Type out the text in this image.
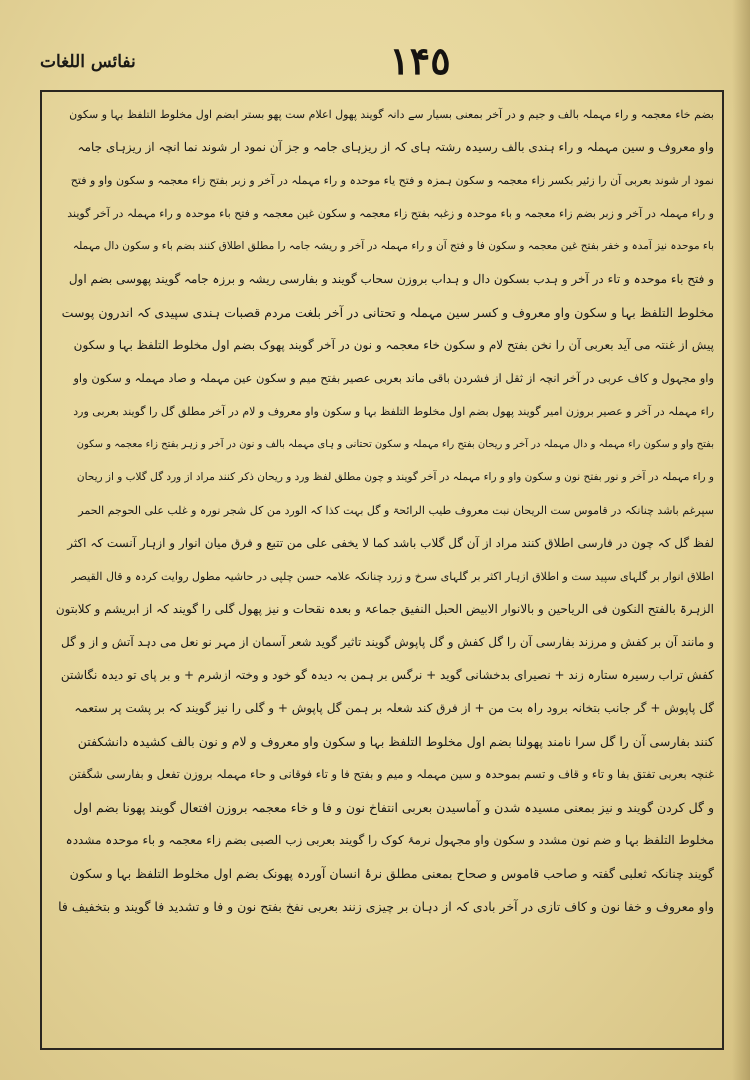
نفائس اللغات	١۴٥
بضم خاء معجمہ و راء مہملہ بالف و جیم و در آخر بمعنی بسیار سے دانہ گویند پھول اعلام ست پھو بستر ابضم اول مخلوط التلفظ بہا و سکون
واو معروف و سین مہملہ و راء ہندی بالف رسیدہ رشتہ ہای کہ از ریزہای جامہ و جز آن نمود ار شوند نما انچہ از ریزہای جامہ
نمود ار شوند بعربی آن را زئیر بکسر زاء معجمہ و سکون ہمزہ و فتح یاء موحدہ و راء مہملہ در آخر و زبر بفتح زاء معجمہ و سکون واو و فتح
و راء مہملہ در آخر و زبر بضم زاء معجمہ و باء موحدہ و زغبہ بفتح زاء معجمہ و سکون غین معجمہ و فتح باء موحدہ و راء مہملہ در آخر گویند
باء موحدہ نیز آمدہ و خفر بفتح غین معجمہ و سکون فا و فتح آن و راء مہملہ در آخر و ریشہ جامہ را مطلق اطلاق کنند بضم باء و سکون دال مہملہ
و فتح باء موحدہ و تاء در آخر و ہدب بسکون دال و ہداب بروزن سحاب گویند و بفارسی ریشہ و برزہ جامہ گویند پھوسی بضم اول
مخلوط التلفظ بہا و سکون واو معروف و کسر سین مہملہ و تحتانی در آخر بلغت مردم قصبات ہندی سپیدی کہ اندرون پوست
پیش از غنتہ می آید بعربی آن را نخن بفتح لام و سکون خاء معجمہ و نون در آخر گویند پھوک بضم اول مخلوط التلفظ بہا و سکون
واو مجہول و کاف عربی در آخر انچہ از ثقل از فشردن باقی ماند بعربی عصیر بفتح میم و سکون عین مہملہ و صاد مہملہ و سکون واو
راء مہملہ در آخر و عصیر بروزن امیر گویند پھول بضم اول مخلوط التلفظ بہا و سکون واو معروف و لام در آخر مطلق گل را گویند بعربی ورد
بفتح واو و سکون راء مہملہ و دال مہملہ در آخر و ریحان بفتح راء مہملہ و سکون تحتانی و ہای مہملہ بالف و نون در آخر و زہر بفتح زاء معجمہ و سکون
و راء مہملہ در آخر و نور بفتح نون و سکون واو و راء مہملہ در آخر گویند و چون مطلق لفظ ورد و ریحان ذکر کنند مراد از ورد گل گلاب و از ریحان
سپرغم باشد چنانکہ در قاموس ست الریحان نبت معروف طیب الرائحۃ و گل بہت کذا کہ الورد من کل شجر نورہ و غلب علی الحوجم الحمر
لفظ گل کہ چون در فارسی اطلاق کنند مراد از آن گل گلاب باشد کما لا یخفی علی من تتبع و فرق میان انوار و ازہار آنست کہ اکثر
اطلاق انوار بر گلہای سپید ست و اطلاق ازہار اکثر بر گلہای سرخ و زرد چنانکہ علامہ حسن چلپی در حاشیہ مطول روایت کردہ و قال القیصر
الزہرۃ بالفتح النکون فی الریاحین و بالانوار الابیض الحبل النفیق جماعۃ و بعدہ نقحات و نیز پھول گلی را گویند کہ از ابریشم و کلابتون
و مانند آن بر کفش و مرزند بفارسی آن را گل کفش و گل پاپوش گویند تاثیر گوید شعر آسمان از مہر نو نعل می دہد آتش و از و گل
کفش تراب رسیرہ ستارہ زند + نصیرای بدخشانی گوید + نرگس بر ہمن بہ دیدہ گو خود و وختہ ازشرم + و بر پای تو دیدہ نگاشتن
گل پاپوش + گر جانب بتخانہ برود راہ بت من + از فرق کند شعلہ بر ہمن گل پاپوش + و گلی را نیز گویند کہ بر پشت پر ستعمہ
کنند بفارسی آن را گل سرا نامند پھولنا بضم اول مخلوط التلفظ بہا و سکون واو معروف و لام و نون بالف کشیدہ دانشکفتن
غنچہ بعربی تفتق بفا و تاء و قاف و تسم بموحدہ و سین مہملہ و میم و بفتح فا و تاء فوقانی و حاء مہملہ بروزن تفعل و بفارسی شگفتن
و گل کردن گویند و نیز بمعنی مسیدہ شدن و آماسیدن بعربی انتفاخ نون و فا و خاء معجمہ بروزن افتعال گویند پھونا بضم اول
مخلوط التلفظ بہا و ضم نون مشدد و سکون واو مجہول نرمۂ کوک را گویند بعربی زب الصبی بضم زاء معجمہ و باء موحدہ مشددہ
گویند چنانکہ ثعلبی گفتہ و صاحب قاموس و صحاح بمعنی مطلق نرۂ انسان آوردہ پھونک بضم اول مخلوط التلفظ بہا و سکون
واو معروف و خفا نون و کاف تازی در آخر بادی کہ از دہان بر چیزی زنند بعربی نفخ بفتح نون و فا و تشدید فا گویند و بتخفیف فا
